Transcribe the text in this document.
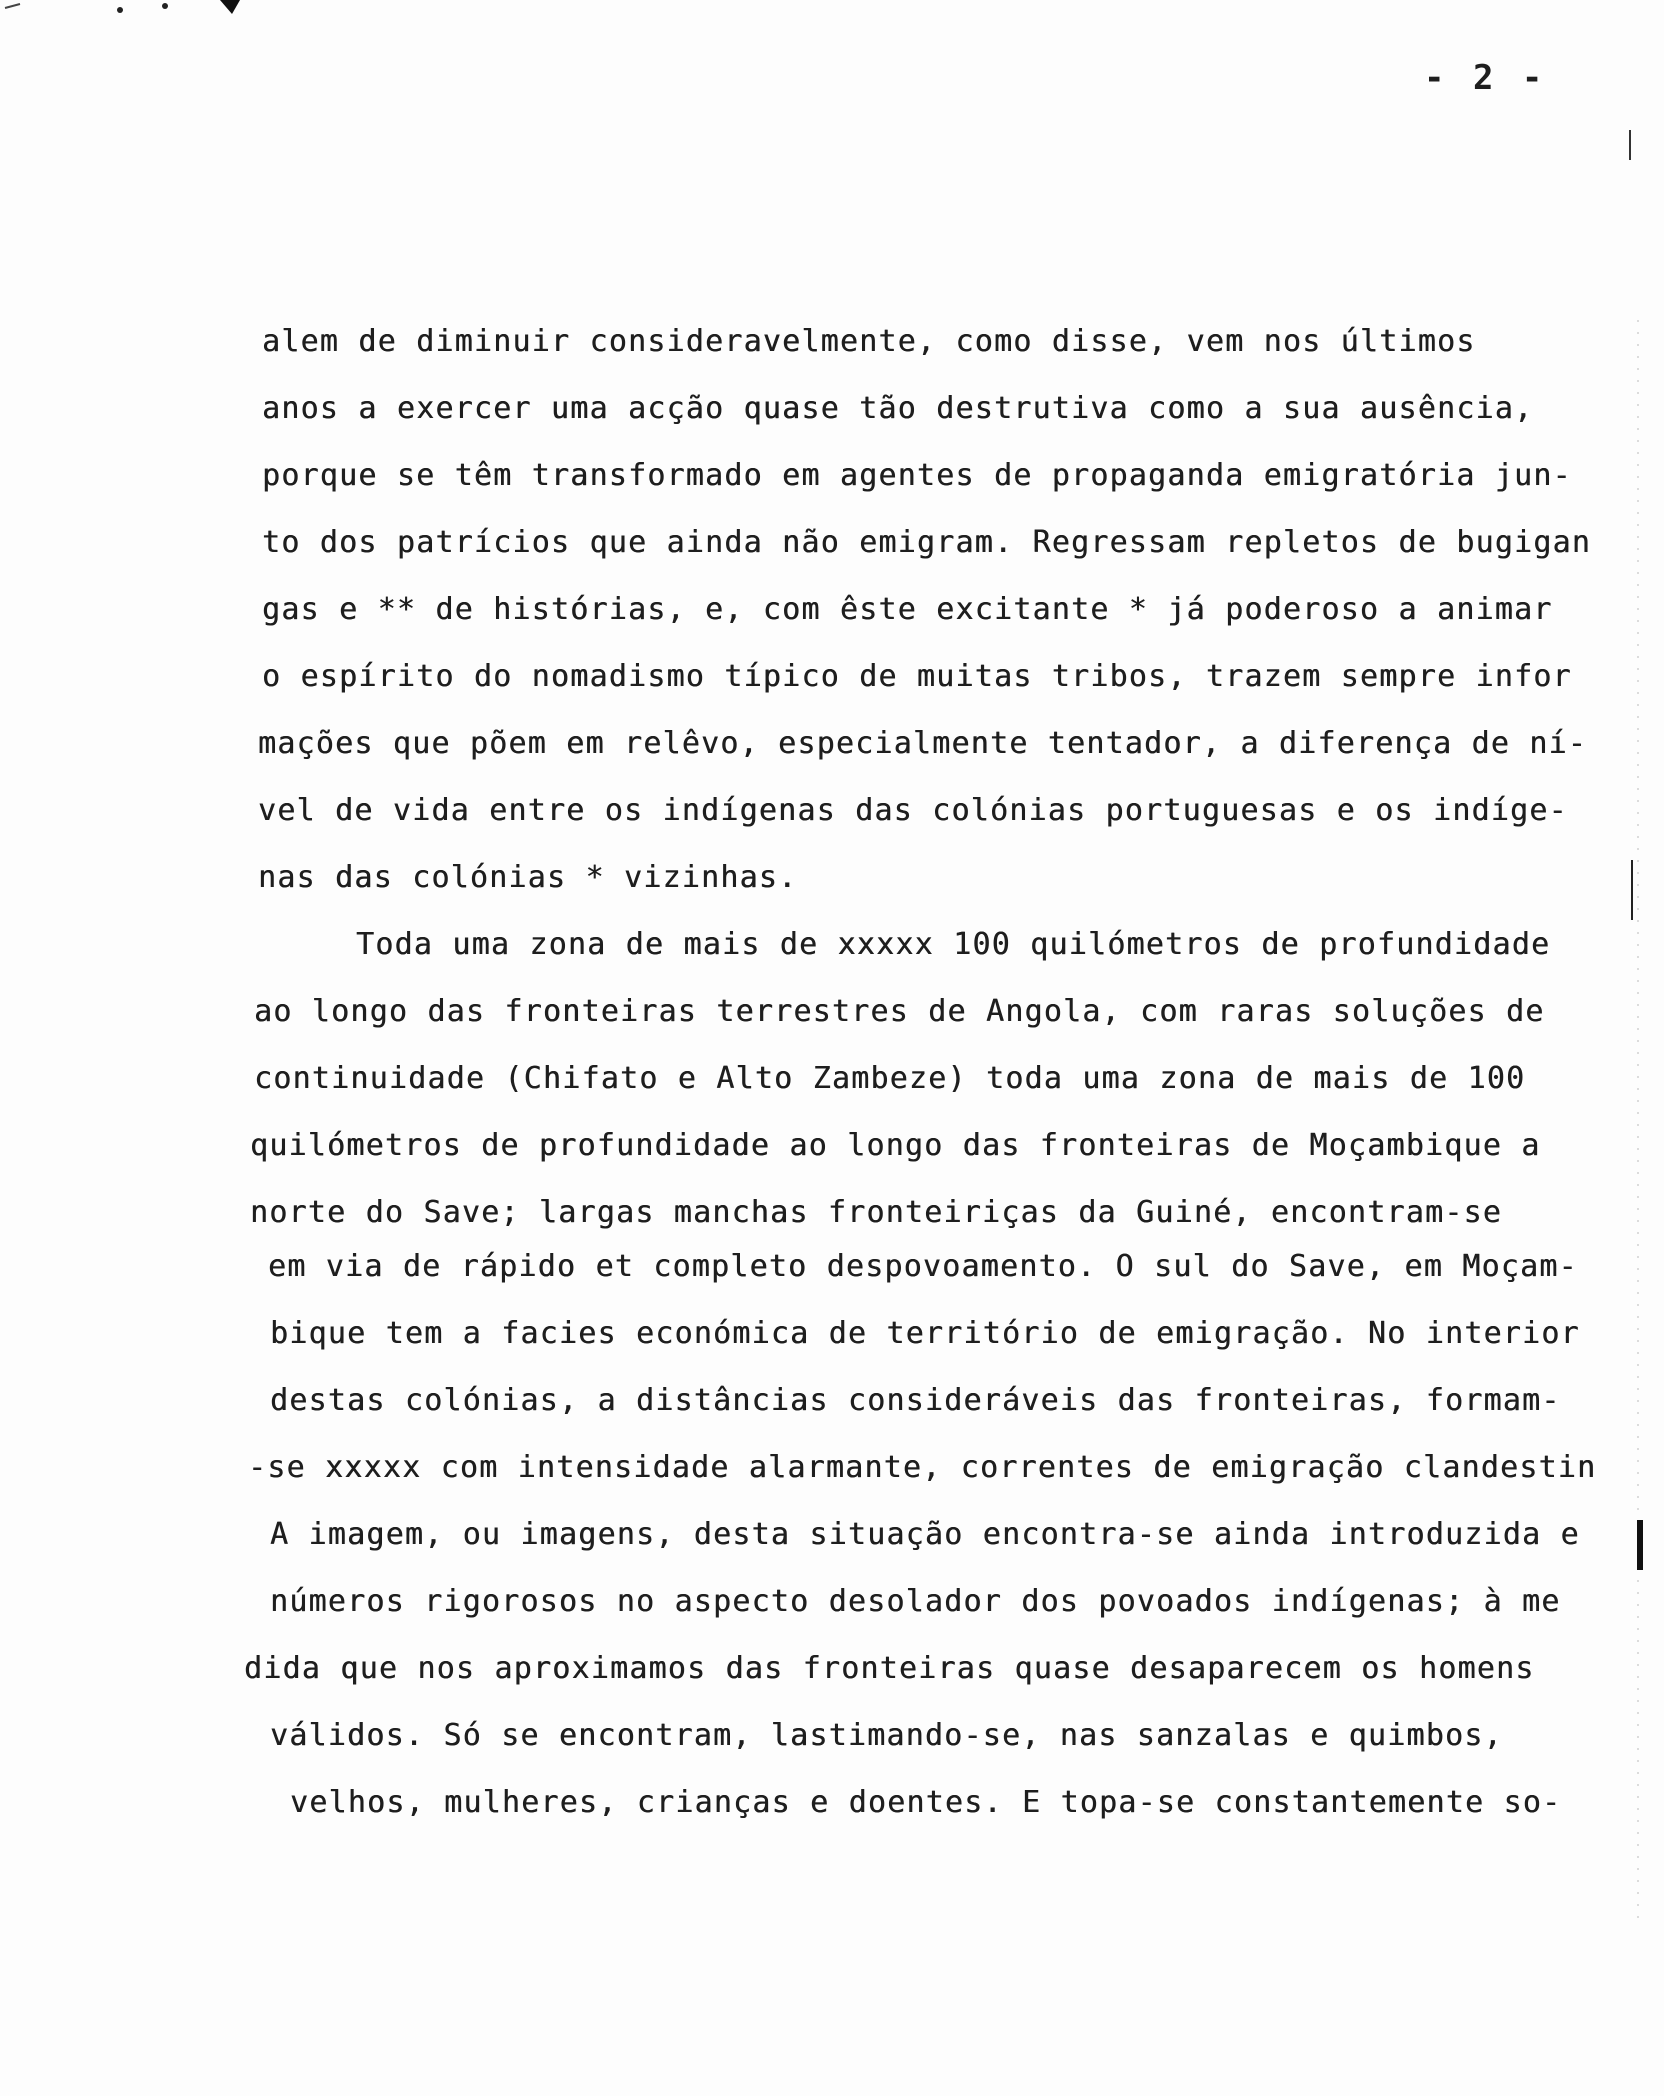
- 2 -
alem de diminuir consideravelmente, como disse, vem nos últimos
anos a exercer uma acção quase tão destrutiva como a sua ausência,
porque se têm transformado em agentes de propaganda emigratória jun-
to dos patrícios que ainda não emigram. Regressam repletos de bugigan
gas e ** de histórias, e, com êste excitante * já poderoso a animar
o espírito do nomadismo típico de muitas tribos, trazem sempre infor
mações que põem em relêvo, especialmente tentador, a diferença de ní-
vel de vida entre os indígenas das colónias portuguesas e os indíge-
nas das colónias * vizinhas.
Toda uma zona de mais de xxxxx 100 quilómetros de profundidade
ao longo das fronteiras terrestres de Angola, com raras soluções de
continuidade (Chifato e Alto Zambeze) toda uma zona de mais de 100
quilómetros de profundidade ao longo das fronteiras de Moçambique a
norte do Save; largas manchas fronteiriças da Guiné, encontram-se
em via de rápido et completo despovoamento. O sul do Save, em Moçam-
bique tem a facies económica de território de emigração. No interior
destas colónias, a distâncias consideráveis das fronteiras, formam-
-se xxxxx com intensidade alarmante, correntes de emigração clandestin
A imagem, ou imagens, desta situação encontra-se ainda introduzida e
números rigorosos no aspecto desolador dos povoados indígenas; à me
dida que nos aproximamos das fronteiras quase desaparecem os homens
válidos. Só se encontram, lastimando-se, nas sanzalas e quimbos,
velhos, mulheres, crianças e doentes. E topa-se constantemente so-
